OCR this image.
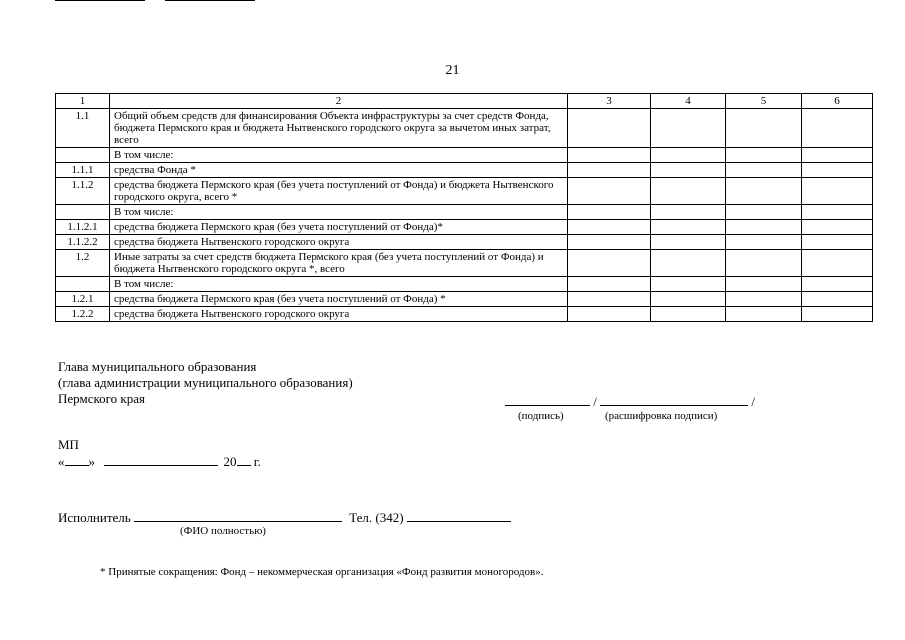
21
1	2	3	4	5	6
1.1	Общий объем средств для финансирования Объекта инфраструктуры за счет средств Фонда, бюджета Пермского края и бюджета Нытвенского городского округа за вычетом иных затрат, всего				
	В том числе:				
1.1.1	средства Фонда *				
1.1.2	средства бюджета Пермского края (без учета поступлений от Фонда) и бюджета Нытвенского городского округа, всего *				
	В том числе:				
1.1.2.1	средства бюджета Пермского края (без учета поступлений от Фонда)*				
1.1.2.2	средства бюджета Нытвенского городского округа				
1.2	Иные затраты за счет средств бюджета Пермского края (без учета поступлений от Фонда) и бюджета Нытвенского городского округа *, всего				
	В том числе:				
1.2.1	средства бюджета Пермского края (без учета поступлений от Фонда) *				
1.2.2	средства бюджета Нытвенского городского округа				
Глава муниципального образования
(глава администрации муниципального образования)
Пермского края	/	/
(подпись)	(расшифровка подписи)
МП
« »	20 г.
Исполнитель	Тел. (342)
(ФИО полностью)
* Принятые сокращения: Фонд – некоммерческая организация «Фонд развития моногородов».
